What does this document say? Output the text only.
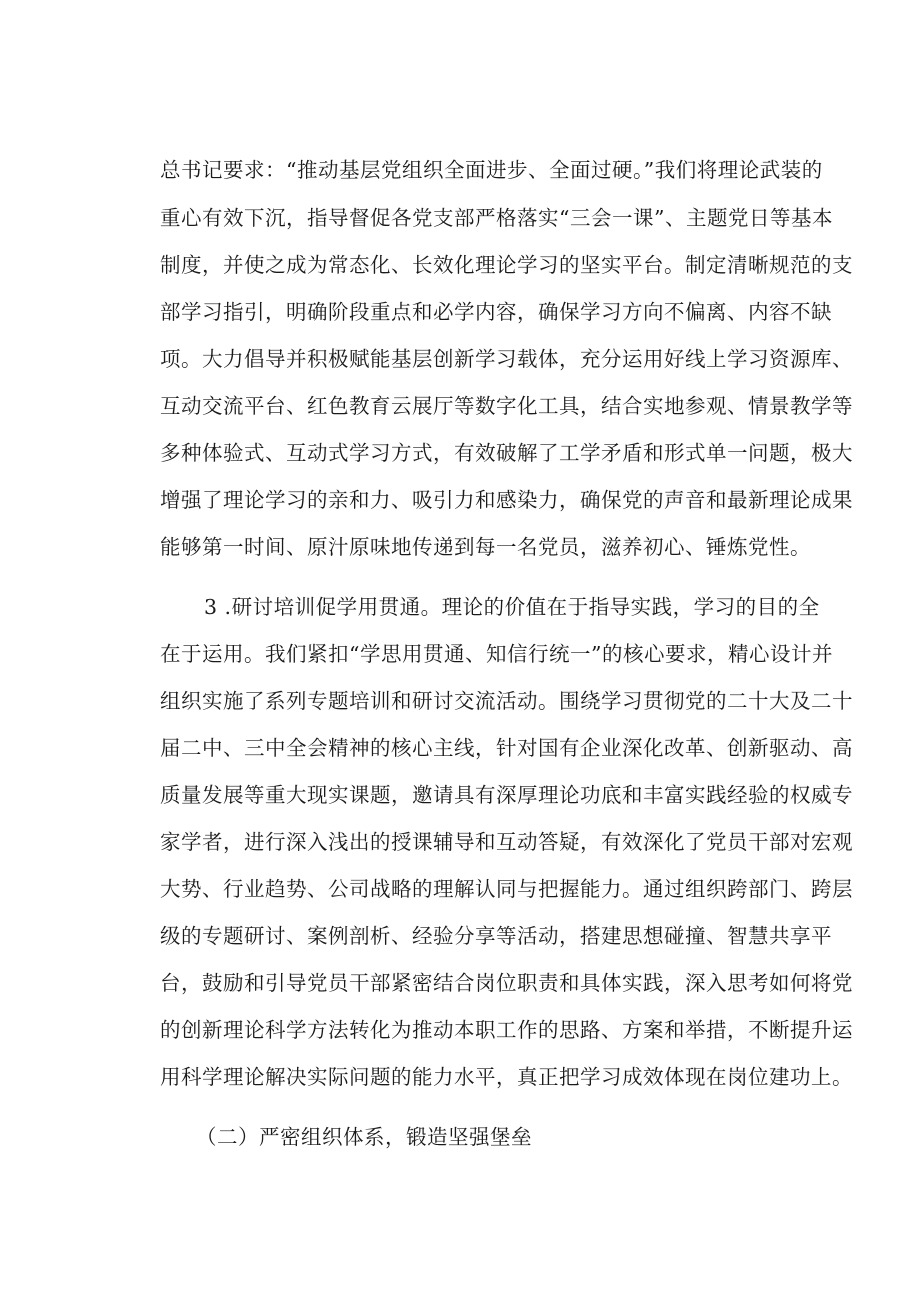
总书记要求：“推动基层党组织全面进步、全面过硬。”我们将理论武装的
重心有效下沉，指导督促各党支部严格落实“三会一课”、主题党日等基本
制度，并使之成为常态化、长效化理论学习的坚实平台。制定清晰规范的支
部学习指引，明确阶段重点和必学内容，确保学习方向不偏离、内容不缺
项。大力倡导并积极赋能基层创新学习载体，充分运用好线上学习资源库、
互动交流平台、红色教育云展厅等数字化工具，结合实地参观、情景教学等
多种体验式、互动式学习方式，有效破解了工学矛盾和形式单一问题，极大
增强了理论学习的亲和力、吸引力和感染力，确保党的声音和最新理论成果
能够第一时间、原汁原味地传递到每一名党员，滋养初心、锤炼党性。
3 .研讨培训促学用贯通。理论的价值在于指导实践，学习的目的全
在于运用。我们紧扣“学思用贯通、知信行统一”的核心要求，精心设计并
组织实施了系列专题培训和研讨交流活动。围绕学习贯彻党的二十大及二十
届二中、三中全会精神的核心主线，针对国有企业深化改革、创新驱动、高
质量发展等重大现实课题，邀请具有深厚理论功底和丰富实践经验的权威专
家学者，进行深入浅出的授课辅导和互动答疑，有效深化了党员干部对宏观
大势、行业趋势、公司战略的理解认同与把握能力。通过组织跨部门、跨层
级的专题研讨、案例剖析、经验分享等活动，搭建思想碰撞、智慧共享平
台，鼓励和引导党员干部紧密结合岗位职责和具体实践，深入思考如何将党
的创新理论科学方法转化为推动本职工作的思路、方案和举措，不断提升运
用科学理论解决实际问题的能力水平，真正把学习成效体现在岗位建功上。
（二）严密组织体系，锻造坚强堡垒
